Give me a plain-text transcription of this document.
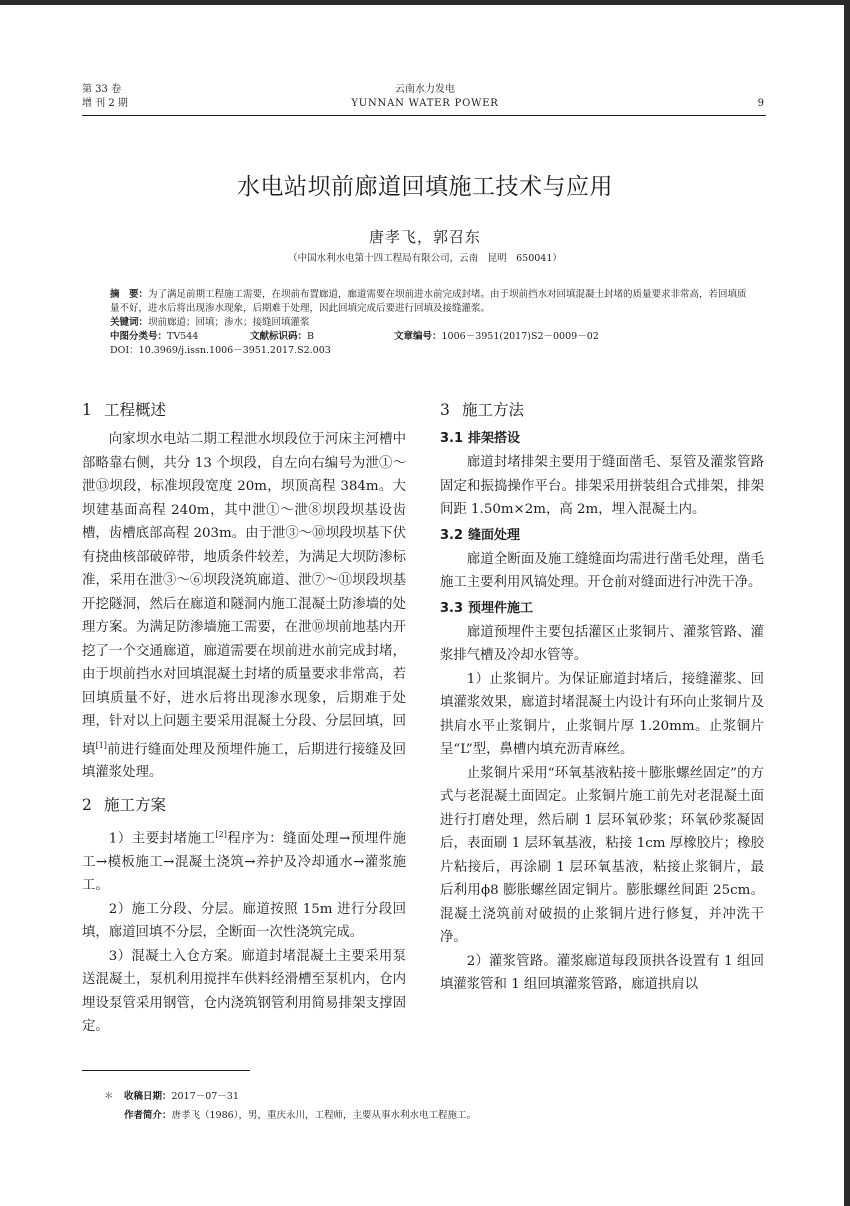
第 33 卷
增 刊 2 期
云南水力发电
YUNNAN WATER POWER	9
水电站坝前廊道回填施工技术与应用
唐孝飞，郭召东
（中国水利水电第十四工程局有限公司，云南　昆明　650041）

摘　要：为了满足前期工程施工需要，在坝前布置廊道，廊道需要在坝前进水前完成封堵。由于坝前挡水对回填混凝土封堵的质量要求非常高，若回填质量不好，进水后将出现渗水现象，后期难于处理，因此回填完成后要进行回填及接缝灌浆。

关键词：坝前廊道；回填；渗水；接缝回填灌浆

中图分类号：TV544	文献标识码：B	文章编号：1006－3951(2017)S2－0009－02

DOI：10.3969/j.issn.1006－3951.2017.S2.003

1 工程概述

向家坝水电站二期工程泄水坝段位于河床主河槽中部略靠右侧，共分 13 个坝段，自左向右编号为泄①～泄⑬坝段，标准坝段宽度 20m，坝顶高程 384m。大坝建基面高程 240m，其中泄①～泄⑧坝段坝基设齿槽，齿槽底部高程 203m。由于泄③～⑩坝段坝基下伏有挠曲核部破碎带，地质条件较差，为满足大坝防渗标准，采用在泄③～⑥坝段浇筑廊道、泄⑦～⑪坝段坝基开挖隧洞，然后在廊道和隧洞内施工混凝土防渗墙的处理方案。为满足防渗墙施工需要，在泄⑩坝前地基内开挖了一个交通廊道，廊道需要在坝前进水前完成封堵，由于坝前挡水对回填混凝土封堵的质量要求非常高，若回填质量不好，进水后将出现渗水现象，后期难于处理，针对以上问题主要采用混凝土分段、分层回填，回填[1]前进行缝面处理及预埋件施工，后期进行接缝及回填灌浆处理。

2 施工方案

1）主要封堵施工[2]程序为：缝面处理→预埋件施工→模板施工→混凝土浇筑→养护及冷却通水→灌浆施工。

2）施工分段、分层。廊道按照 15m 进行分段回填，廊道回填不分层，全断面一次性浇筑完成。

3）混凝土入仓方案。廊道封堵混凝土主要采用泵送混凝土，泵机利用搅拌车供料经滑槽至泵机内，仓内埋设泵管采用钢管，仓内浇筑钢管利用简易排架支撑固定。

3 施工方法
3.1 排架搭设

廊道封堵排架主要用于缝面凿毛、泵管及灌浆管路固定和振捣操作平台。排架采用拼装组合式排架，排架间距 1.50m×2m，高 2m，埋入混凝土内。

3.2 缝面处理

廊道全断面及施工缝缝面均需进行凿毛处理，凿毛施工主要利用风镐处理。开仓前对缝面进行冲洗干净。

3.3 预埋件施工

廊道预埋件主要包括灌区止浆铜片、灌浆管路、灌浆排气槽及冷却水管等。

1）止浆铜片。为保证廊道封堵后，接缝灌浆、回填灌浆效果，廊道封堵混凝土内设计有环向止浆铜片及拱肩水平止浆铜片，止浆铜片厚 1.20mm。止浆铜片呈“L”型，鼻槽内填充沥青麻丝。

止浆铜片采用“环氧基液粘接＋膨胀螺丝固定”的方式与老混凝土面固定。止浆铜片施工前先对老混凝土面进行打磨处理，然后刷 1 层环氧砂浆；环氧砂浆凝固后，表面刷 1 层环氧基液，粘接 1cm 厚橡胶片；橡胶片粘接后，再涂刷 1 层环氧基液，粘接止浆铜片，最后利用ϕ8 膨胀螺丝固定铜片。膨胀螺丝间距 25cm。混凝土浇筑前对破损的止浆铜片进行修复，并冲洗干净。

2）灌浆管路。灌浆廊道每段顶拱各设置有 1 组回填灌浆管和 1 组回填灌浆管路，廊道拱肩以

＊ 收稿日期：2017－07－31

作者简介：唐孝飞（1986），男，重庆永川，工程师，主要从事水利水电工程施工。
